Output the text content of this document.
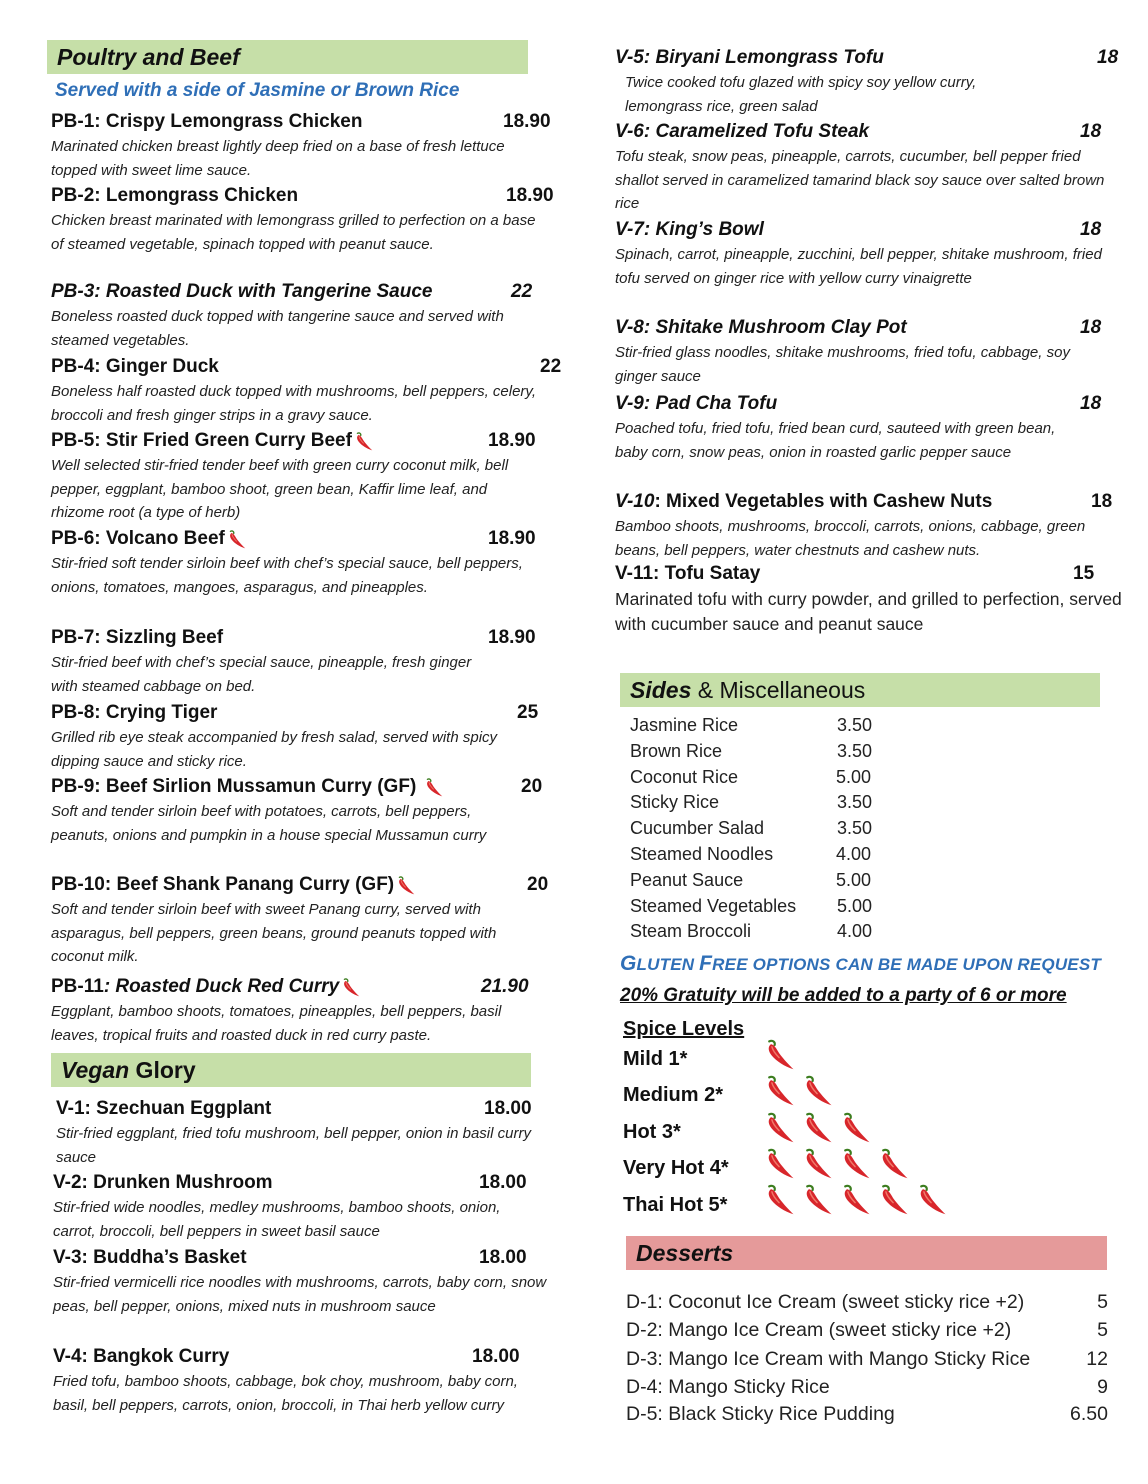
Poultry and Beef
Served with a side of Jasmine or Brown Rice
PB-1: Crispy Lemongrass Chicken	18.90
Marinated chicken breast lightly deep fried on a base of fresh lettuce topped with sweet lime sauce.
PB-2: Lemongrass Chicken	18.90
Chicken breast marinated with lemongrass grilled to perfection on a base of steamed vegetable, spinach topped with peanut sauce.
PB-3: Roasted Duck with Tangerine Sauce	22
Boneless roasted duck topped with tangerine sauce and served with steamed vegetables.
PB-4: Ginger Duck	22
Boneless half roasted duck topped with mushrooms, bell peppers, celery, broccoli and fresh ginger strips in a gravy sauce.
PB-5: Stir Fried Green Curry Beef	18.90
Well selected stir-fried tender beef with green curry coconut milk, bell pepper, eggplant, bamboo shoot, green bean, Kaffir lime leaf, and rhizome root (a type of herb)
PB-6: Volcano Beef	18.90
Stir-fried soft tender sirloin beef with chef’s special sauce, bell peppers, onions, tomatoes, mangoes, asparagus, and pineapples.
PB-7: Sizzling Beef	18.90
Stir-fried beef with chef’s special sauce, pineapple, fresh ginger with steamed cabbage on bed.
PB-8: Crying Tiger	25
Grilled rib eye steak accompanied by fresh salad, served with spicy dipping sauce and sticky rice.
PB-9: Beef Sirlion Mussamun Curry (GF)	20
Soft and tender sirloin beef with potatoes, carrots, bell peppers, peanuts, onions and pumpkin in a house special Mussamun curry
PB-10: Beef Shank Panang Curry (GF)	20
Soft and tender sirloin beef with sweet Panang curry, served with asparagus, bell peppers, green beans, ground peanuts topped with coconut milk.
PB-11: Roasted Duck Red Curry	21.90
Eggplant, bamboo shoots, tomatoes, pineapples, bell peppers, basil leaves, tropical fruits and roasted duck in red curry paste.
Vegan Glory
V-1: Szechuan Eggplant	18.00
Stir-fried eggplant, fried tofu mushroom, bell pepper, onion in basil curry sauce
V-2: Drunken Mushroom	18.00
Stir-fried wide noodles, medley mushrooms, bamboo shoots, onion, carrot, broccoli, bell peppers in sweet basil sauce
V-3: Buddha’s Basket	18.00
Stir-fried vermicelli rice noodles with mushrooms, carrots, baby corn, snow peas, bell pepper, onions, mixed nuts in mushroom sauce
V-4: Bangkok Curry	18.00
Fried tofu, bamboo shoots, cabbage, bok choy, mushroom, baby corn, basil, bell peppers, carrots, onion, broccoli, in Thai herb yellow curry
V-5: Biryani Lemongrass Tofu	18
Twice cooked tofu glazed with spicy soy yellow curry, lemongrass rice, green salad
V-6: Caramelized Tofu Steak	18
Tofu steak, snow peas, pineapple, carrots, cucumber, bell pepper fried shallot served in caramelized tamarind black soy sauce over salted brown rice
V-7: King’s Bowl	18
Spinach, carrot, pineapple, zucchini, bell pepper, shitake mushroom, fried tofu served on ginger rice with yellow curry vinaigrette
V-8: Shitake Mushroom Clay Pot	18
Stir-fried glass noodles, shitake mushrooms, fried tofu, cabbage, soy ginger sauce
V-9: Pad Cha Tofu	18
Poached tofu, fried tofu, fried bean curd, sauteed with green bean, baby corn, snow peas, onion in roasted garlic pepper sauce
V-10: Mixed Vegetables with Cashew Nuts	18
Bamboo shoots, mushrooms, broccoli, carrots, onions, cabbage, green beans, bell peppers, water chestnuts and cashew nuts.
V-11: Tofu Satay	15
Marinated tofu with curry powder, and grilled to perfection, served with cucumber sauce and peanut sauce
Sides & Miscellaneous
Jasmine Rice	3.50
Brown Rice	3.50
Coconut Rice	5.00
Sticky Rice	3.50
Cucumber Salad	3.50
Steamed Noodles	4.00
Peanut Sauce	5.00
Steamed Vegetables 5.00
Steam Broccoli	4.00
GLUTEN FREE OPTIONS CAN BE MADE UPON REQUEST
20% Gratuity will be added to a party of 6 or more
Spice Levels
Mild 1*
Medium 2*
Hot 3*
Very Hot 4*
Thai Hot 5*
Desserts
D-1: Coconut Ice Cream (sweet sticky rice +2)	5
D-2: Mango Ice Cream (sweet sticky rice +2)	5
D-3: Mango Ice Cream with Mango Sticky Rice	12
D-4: Mango Sticky Rice	9
D-5: Black Sticky Rice Pudding	6.50
